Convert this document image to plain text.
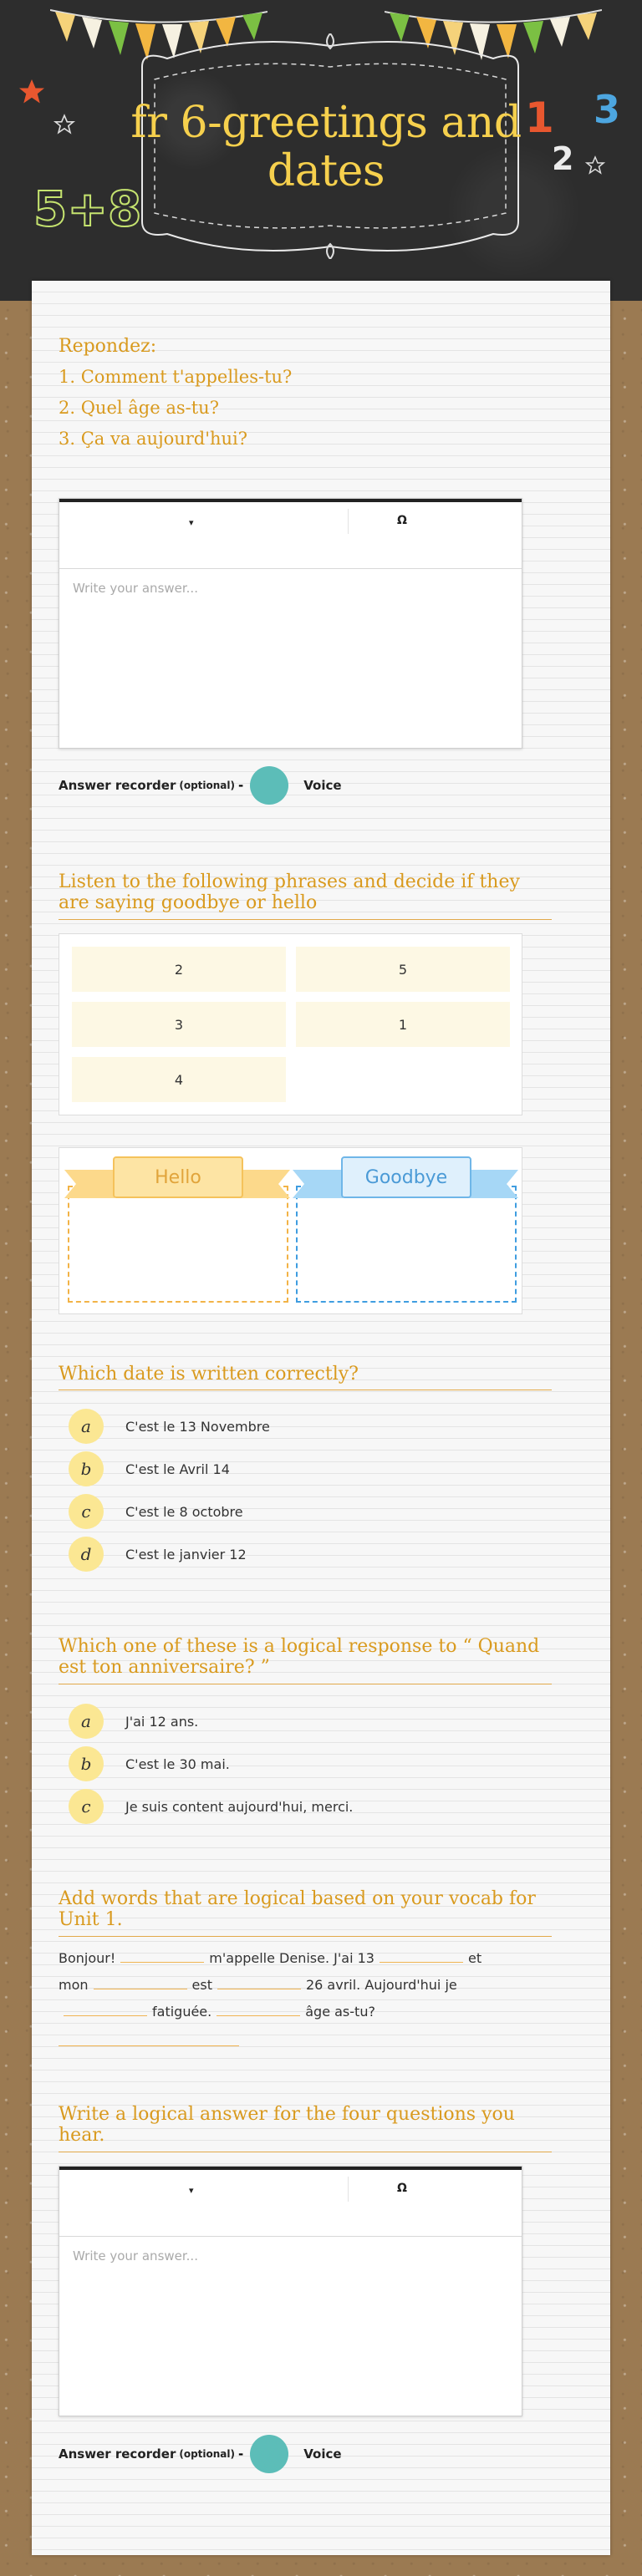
fr 6-greetings and dates
5+8
1
2
3
Repondez:
1. Comment t'appelles-tu?
2. Quel âge as-tu?
3. Ça va aujourd'hui?
▾	Ω
Write your answer...
Answer recorder (optional) -	Voice
Listen to the following phrases and decide if they are saying goodbye or hello
2	5
3	1
4
Hello	Goodbye
Which date is written correctly?
a	C'est le 13 Novembre
b	C'est le Avril 14
c	C'est le 8 octobre
d	C'est le janvier 12
Which one of these is a logical response to “ Quand est ton anniversaire? ”
a	J'ai 12 ans.
b	C'est le 30 mai.
c	Je suis content aujourd'hui, merci.
Add words that are logical based on your vocab for Unit 1.
Bonjour!	m'appelle Denise. J'ai 13	et
mon	est	26 avril. Aujourd'hui je
fatiguée.	âge as-tu?
Write a logical answer for the four questions you hear.
▾	Ω
Write your answer...
Answer recorder (optional) -	Voice
